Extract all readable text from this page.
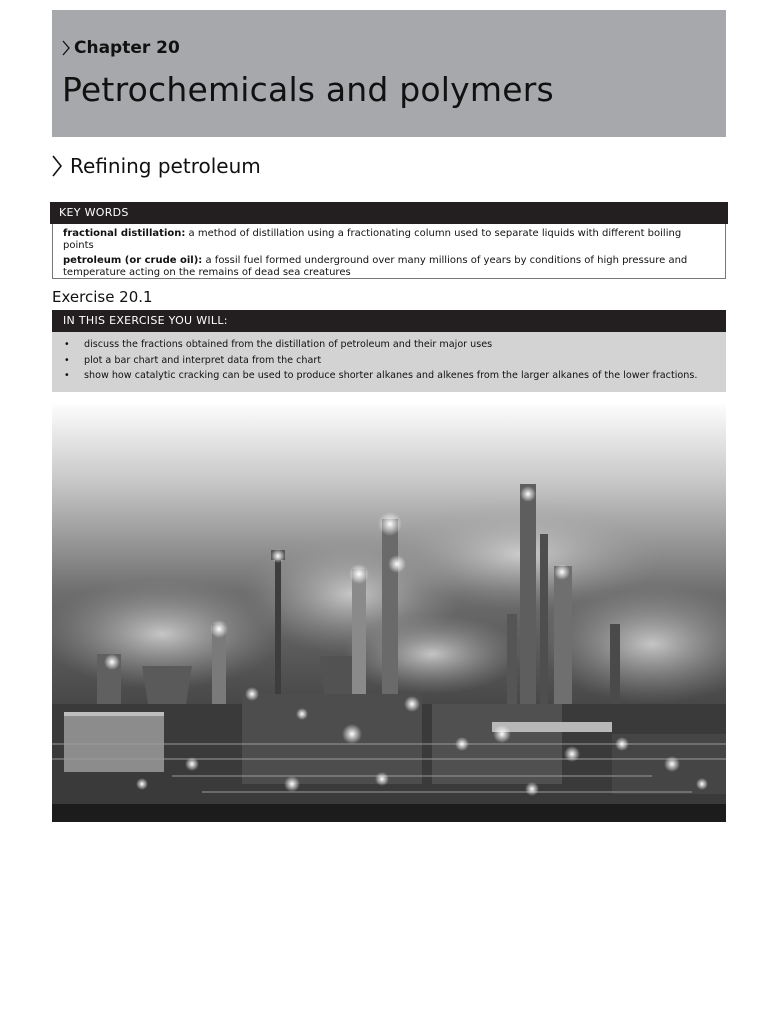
Chapter 20
Petrochemicals and polymers
Refining petroleum
KEY WORDS

fractional distillation: a method of distillation using a fractionating column used to separate liquids with different boiling points

petroleum (or crude oil): a fossil fuel formed underground over many millions of years by conditions of high pressure and temperature acting on the remains of dead sea creatures

Exercise 20.1
IN THIS EXERCISE YOU WILL:
•	discuss the fractions obtained from the distillation of petroleum and their major uses
•	plot a bar chart and interpret data from the chart
•	show how catalytic cracking can be used to produce shorter alkanes and alkenes from the larger alkanes of the lower fractions.
